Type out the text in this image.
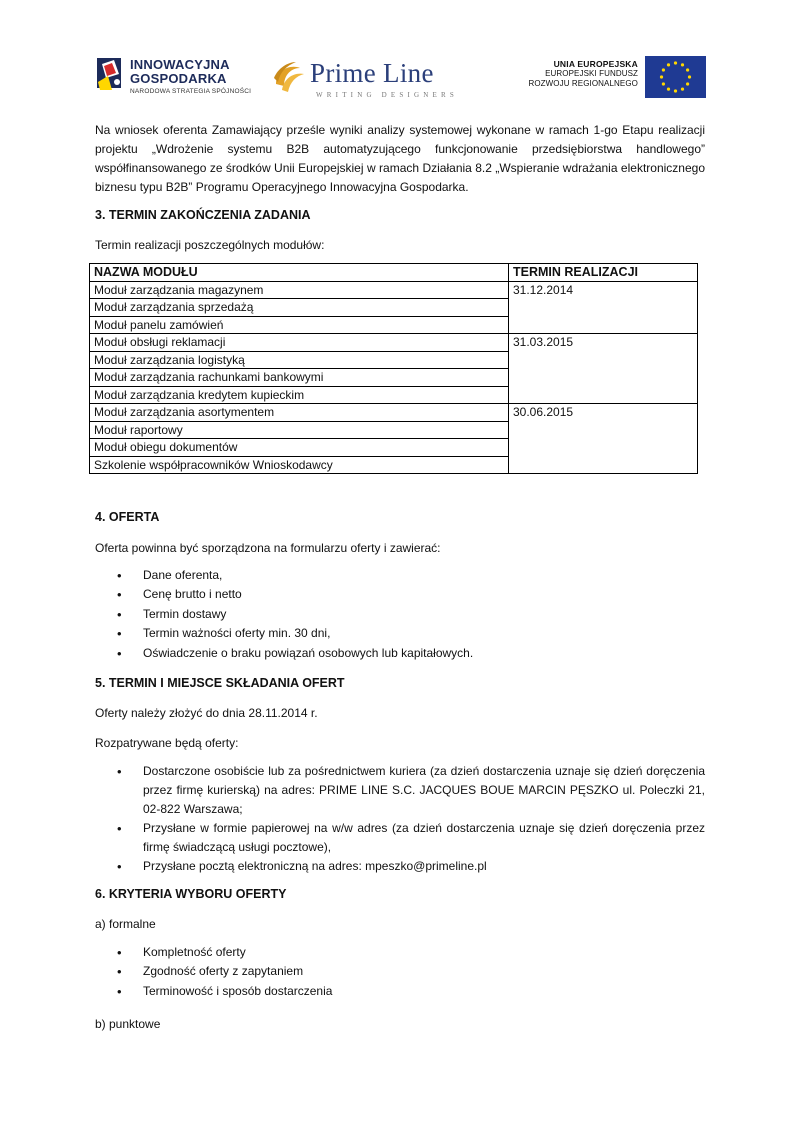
INNOWACYJNA
GOSPODARKA
NARODOWA STRATEGIA SPÓJNOŚCI
Prime Line
WRITING DESIGNERS
UNIA EUROPEJSKA
EUROPEJSKI FUNDUSZ
ROZWOJU REGIONALNEGO

Na wniosek oferenta Zamawiający prześle wyniki analizy systemowej wykonane w ramach 1-go Etapu realizacji projektu „Wdrożenie systemu B2B automatyzującego funkcjonowanie przedsiębiorstwa handlowego” współfinansowanego ze środków Unii Europejskiej w ramach Działania 8.2 „Wspieranie wdrażania elektronicznego biznesu typu B2B” Programu Operacyjnego Innowacyjna Gospodarka.

3. TERMIN ZAKOŃCZENIA ZADANIA
Termin realizacji poszczególnych modułów:
NAZWA MODUŁU	TERMIN REALIZACJI
Moduł zarządzania magazynem	31.12.2014
Moduł zarządzania sprzedażą	
Moduł panelu zamówień	
Moduł obsługi reklamacji	31.03.2015
Moduł zarządzania logistyką	
Moduł zarządzania rachunkami bankowymi	
Moduł zarządzania kredytem kupieckim	
Moduł zarządzania asortymentem	30.06.2015
Moduł raportowy	
Moduł obiegu dokumentów	
Szkolenie współpracowników Wnioskodawcy	
4. OFERTA
Oferta powinna być sporządzona na formularzu oferty i zawierać:
• Dane oferenta,
• Cenę brutto i netto
• Termin dostawy
• Termin ważności oferty min. 30 dni,
• Oświadczenie o braku powiązań osobowych lub kapitałowych.
5. TERMIN I MIEJSCE SKŁADANIA OFERT
Oferty należy złożyć do dnia 28.11.2014 r.
Rozpatrywane będą oferty:
• Dostarczone osobiście lub za pośrednictwem kuriera (za dzień dostarczenia uznaje się dzień doręczenia przez firmę kurierską) na adres: PRIME LINE S.C. JACQUES BOUE MARCIN PĘSZKO ul. Poleczki 21, 02-822 Warszawa;
• Przysłane w formie papierowej na w/w adres (za dzień dostarczenia uznaje się dzień doręczenia przez firmę świadczącą usługi pocztowe),
• Przysłane pocztą elektroniczną na adres: mpeszko@primeline.pl
6. KRYTERIA WYBORU OFERTY
a) formalne
• Kompletność oferty
• Zgodność oferty z zapytaniem
• Terminowość i sposób dostarczenia
b) punktowe
